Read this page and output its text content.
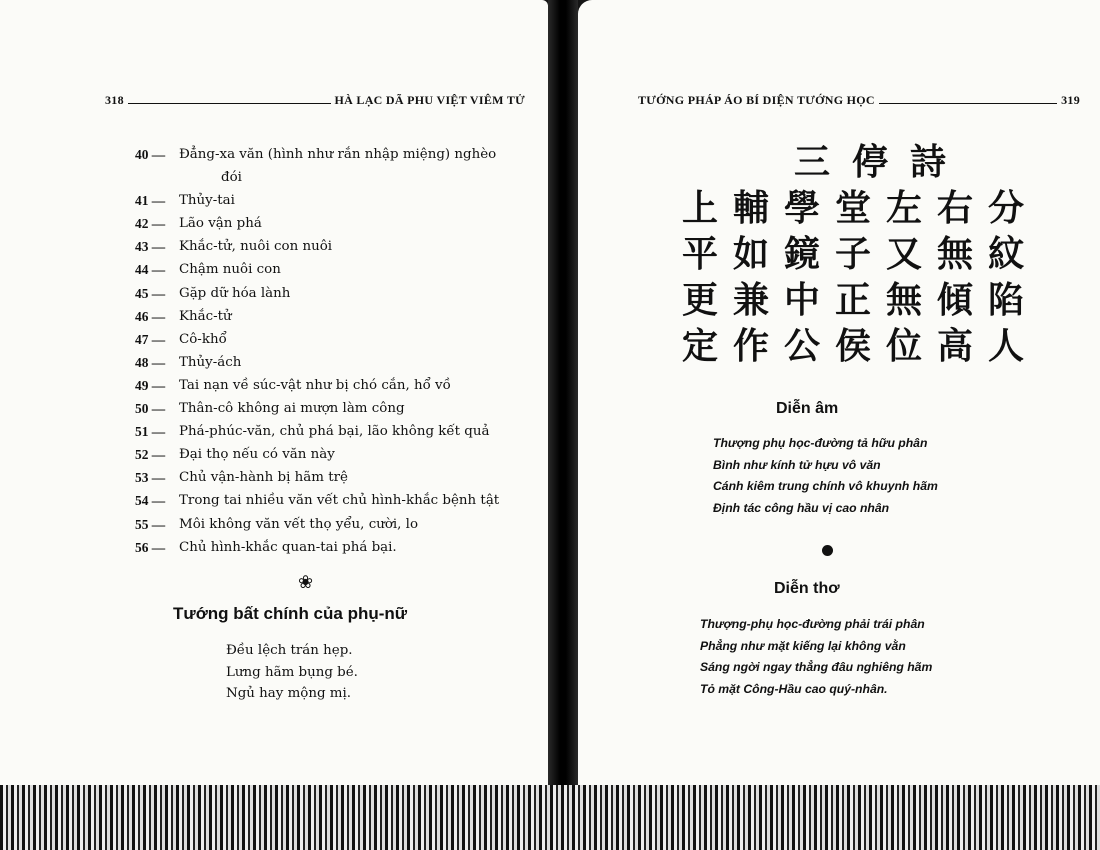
318	HÀ LẠC DÃ PHU VIỆT VIÊM TỬ
40 —	Đẳng-xa văn (hình như rắn nhập miệng) nghèo
đói
41 —	Thủy-tai
42 —	Lão vận phá
43 —	Khắc-tử, nuôi con nuôi
44 —	Chậm nuôi con
45 —	Gặp dữ hóa lành
46 —	Khắc-tử
47 —	Cô-khổ
48 —	Thủy-ách
49 —	Tai nạn về súc-vật như bị chó cắn, hổ vồ
50 —	Thân-cô không ai mượn làm công
51 —	Phá-phúc-văn, chủ phá bại, lão không kết quả
52 —	Đại thọ nếu có văn này
53 —	Chủ vận-hành bị hãm trệ
54 —	Trong tai nhiều văn vết chủ hình-khắc bệnh tật
55 —	Môi không văn vết thọ yểu, cười, lo
56 —	Chủ hình-khắc quan-tai phá bại.
❀
Tướng bất chính của phụ-nữ
Đều lệch trán hẹp.
Lưng hãm bụng bé.
Ngủ hay mộng mị.
TƯỚNG PHÁP ÁO BÍ DIỆN TƯỚNG HỌC	319
三 停 詩
上 輔 學 堂 左 右 分
平 如 鏡 子 又 無 紋
更 兼 中 正 無 傾 陷
定 作 公 侯 位 高 人
Diễn âm
Thượng phụ học-đường tả hữu phân
Bình như kính tử hựu vô văn
Cánh kiêm trung chính vô khuynh hãm
Định tác công hầu vị cao nhân
Diễn thơ
Thượng-phụ học-đường phải trái phân
Phẳng như mặt kiếng lại không vằn
Sáng ngời ngay thẳng đâu nghiêng hãm
Tỏ mặt Công-Hầu cao quý-nhân.
